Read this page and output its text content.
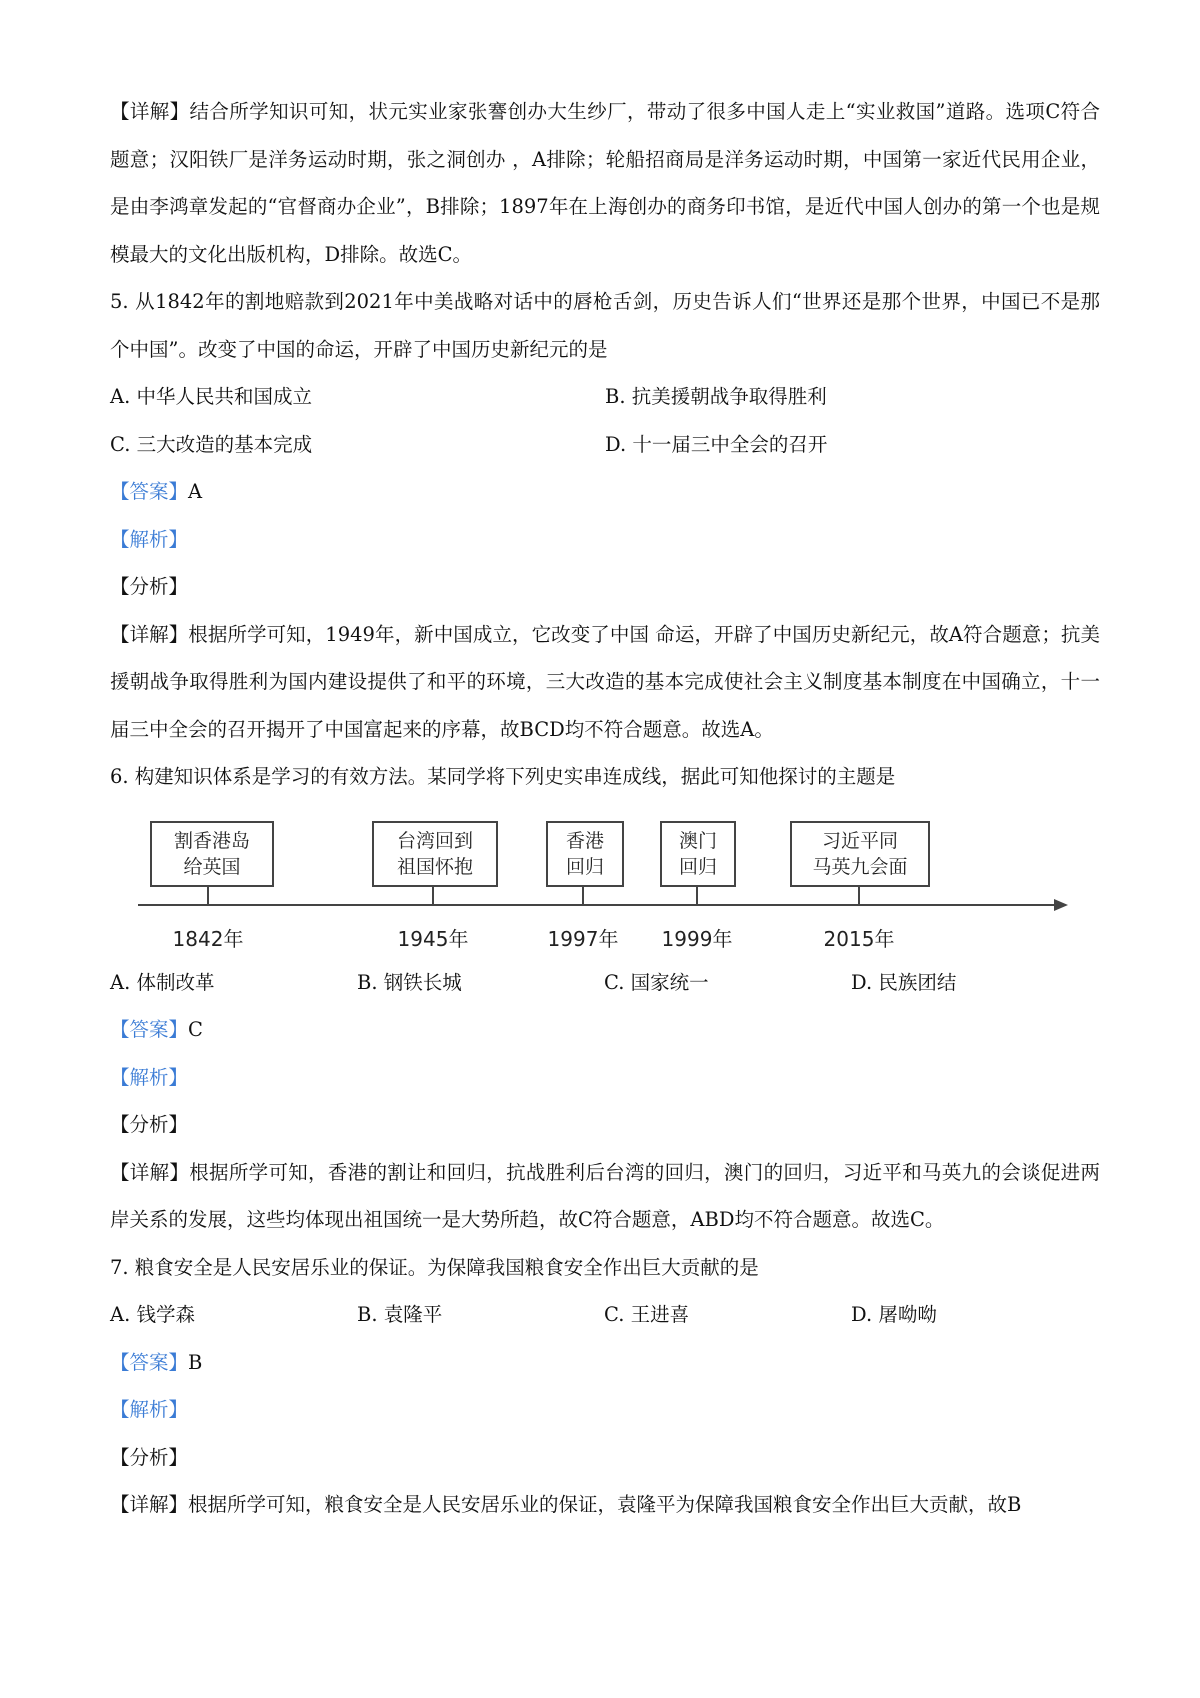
【详解】结合所学知识可知，状元实业家张謇创办大生纱厂，带动了很多中国人走上“实业救国”道路。选项C符合题意；汉阳铁厂是洋务运动时期，张之洞创办 ，A排除；轮船招商局是洋务运动时期，中国第一家近代民用企业，是由李鸿章发起的“官督商办企业”，B排除；1897年在上海创办的商务印书馆，是近代中国人创办的第一个也是规模最大的文化出版机构，D排除。故选C。

5. 从1842年的割地赔款到2021年中美战略对话中的唇枪舌剑，历史告诉人们“世界还是那个世界，中国已不是那个中国”。改变了中国的命运，开辟了中国历史新纪元的是

A. 中华人民共和国成立	B. 抗美援朝战争取得胜利
C. 三大改造的基本完成	D. 十一届三中全会的召开

【答案】A

【解析】

【分析】

【详解】根据所学可知，1949年，新中国成立，它改变了中国 命运，开辟了中国历史新纪元，故A符合题意；抗美援朝战争取得胜利为国内建设提供了和平的环境，三大改造的基本完成使社会主义制度基本制度在中国确立，十一届三中全会的召开揭开了中国富起来的序幕，故BCD均不符合题意。故选A。

6. 构建知识体系是学习的有效方法。某同学将下列史实串连成线，据此可知他探讨的主题是

割香港岛
给英国
1842年
台湾回到
祖国怀抱
1945年
香港
回归
1997年
澳门
回归
1999年
习近平同
马英九会面
2015年
A. 体制改革	B. 钢铁长城	C. 国家统一	D. 民族团结

【答案】C

【解析】

【分析】

【详解】根据所学可知，香港的割让和回归，抗战胜利后台湾的回归，澳门的回归，习近平和马英九的会谈促进两岸关系的发展，这些均体现出祖国统一是大势所趋，故C符合题意，ABD均不符合题意。故选C。

7. 粮食安全是人民安居乐业的保证。为保障我国粮食安全作出巨大贡献的是

A. 钱学森	B. 袁隆平	C. 王进喜	D. 屠呦呦

【答案】B

【解析】

【分析】

【详解】根据所学可知，粮食安全是人民安居乐业的保证，袁隆平为保障我国粮食安全作出巨大贡献，故B
